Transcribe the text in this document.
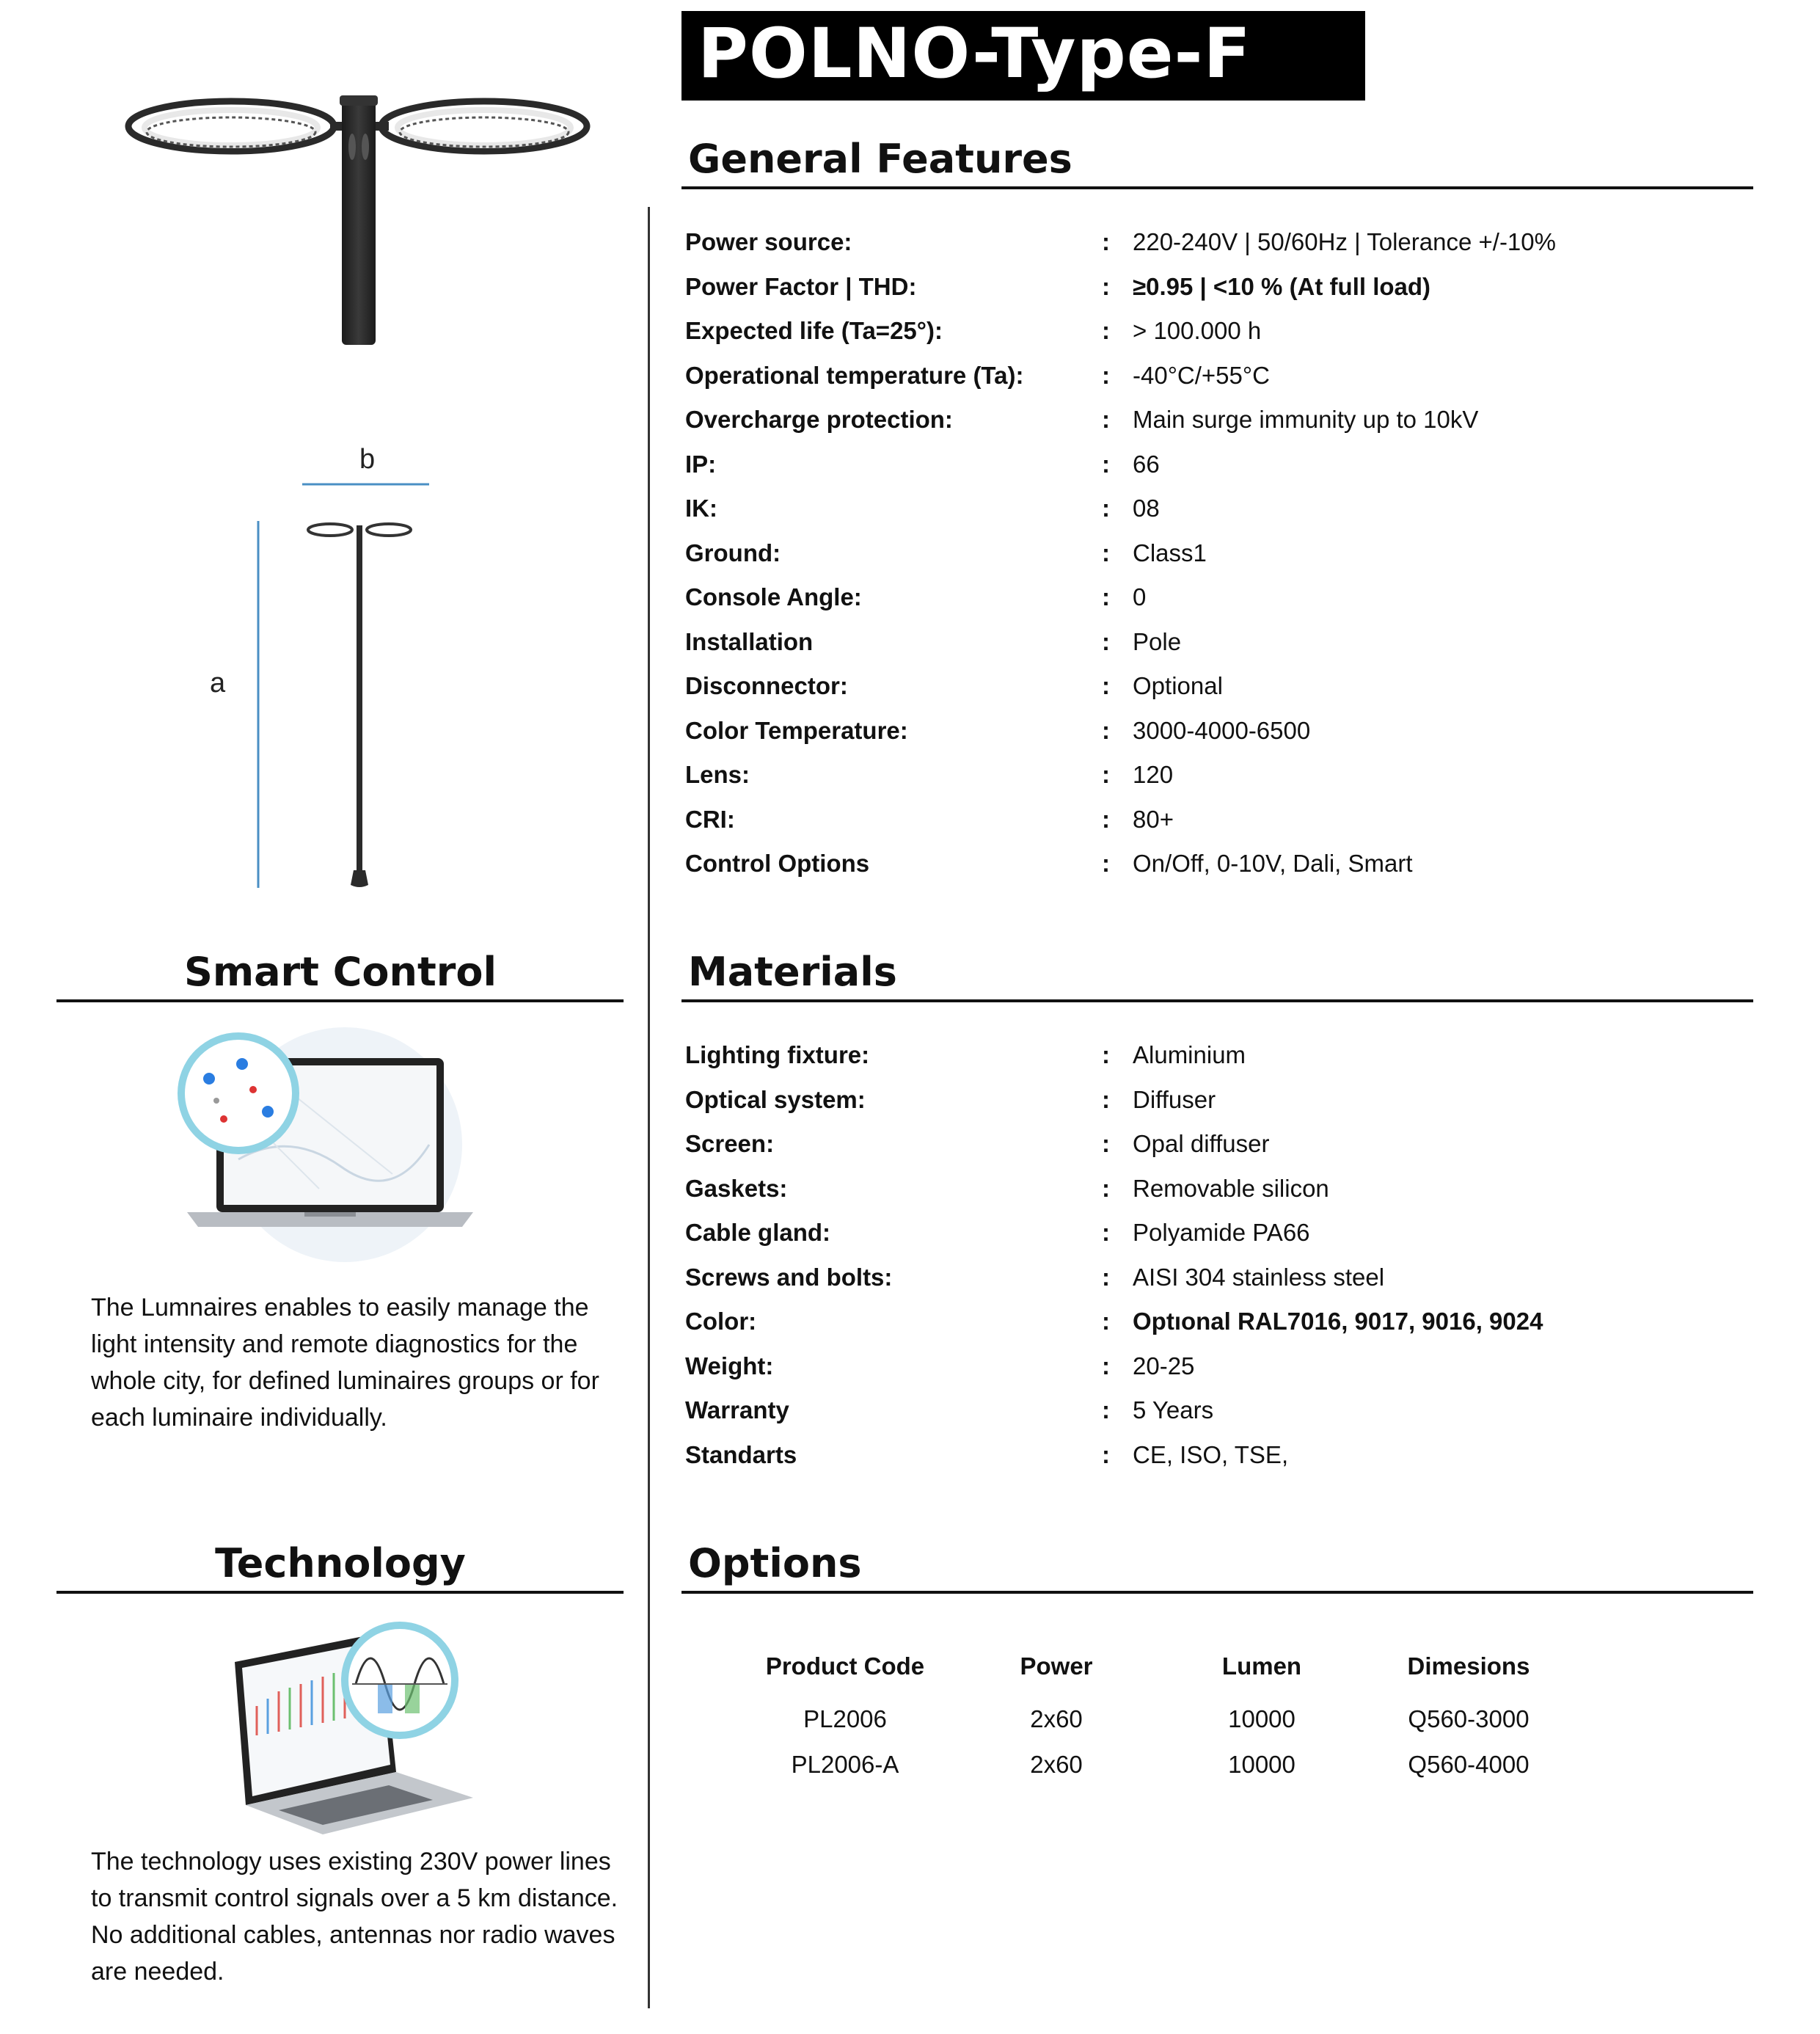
POLNO-Type-F
b
a
General Features
Power source:	: 220-240V | 50/60Hz | Tolerance +/-10%
Power Factor | THD:	: ≥0.95 | <10 % (At full load)
Expected life (Ta=25°):	: > 100.000 h
Operational temperature (Ta):	: -40°C/+55°C
Overcharge protection:	: Main surge immunity up to 10kV
IP:	: 66
IK:	: 08
Ground:	: Class1
Console Angle:	: 0
Installation	: Pole
Disconnector:	: Optional
Color Temperature:	: 3000-4000-6500
Lens:	: 120
CRI:	: 80+
Control Options	: On/Off, 0-10V, Dali, Smart
Materials
Lighting fixture:	: Aluminium
Optical system:	: Diffuser
Screen:	: Opal diffuser
Gaskets:	: Removable silicon
Cable gland:	: Polyamide PA66
Screws and bolts:	: AISI 304 stainless steel
Color:	: Optıonal RAL7016, 9017, 9016, 9024
Weight:	: 20-25
Warranty	: 5 Years
Standarts	: CE, ISO, TSE,
Options
Product Code	Power	Lumen	Dimesions
PL2006	2x60	10000	Q560-3000
PL2006-A	2x60	10000	Q560-4000
Smart Control

The Lumnaires enables to easily manage the light intensity and remote diagnostics for the whole city, for defined luminaires groups or for each luminaire individually.

Technology

The technology uses existing 230V power lines to transmit control signals over a 5 km distance. No additional cables, antennas nor radio waves are needed.
